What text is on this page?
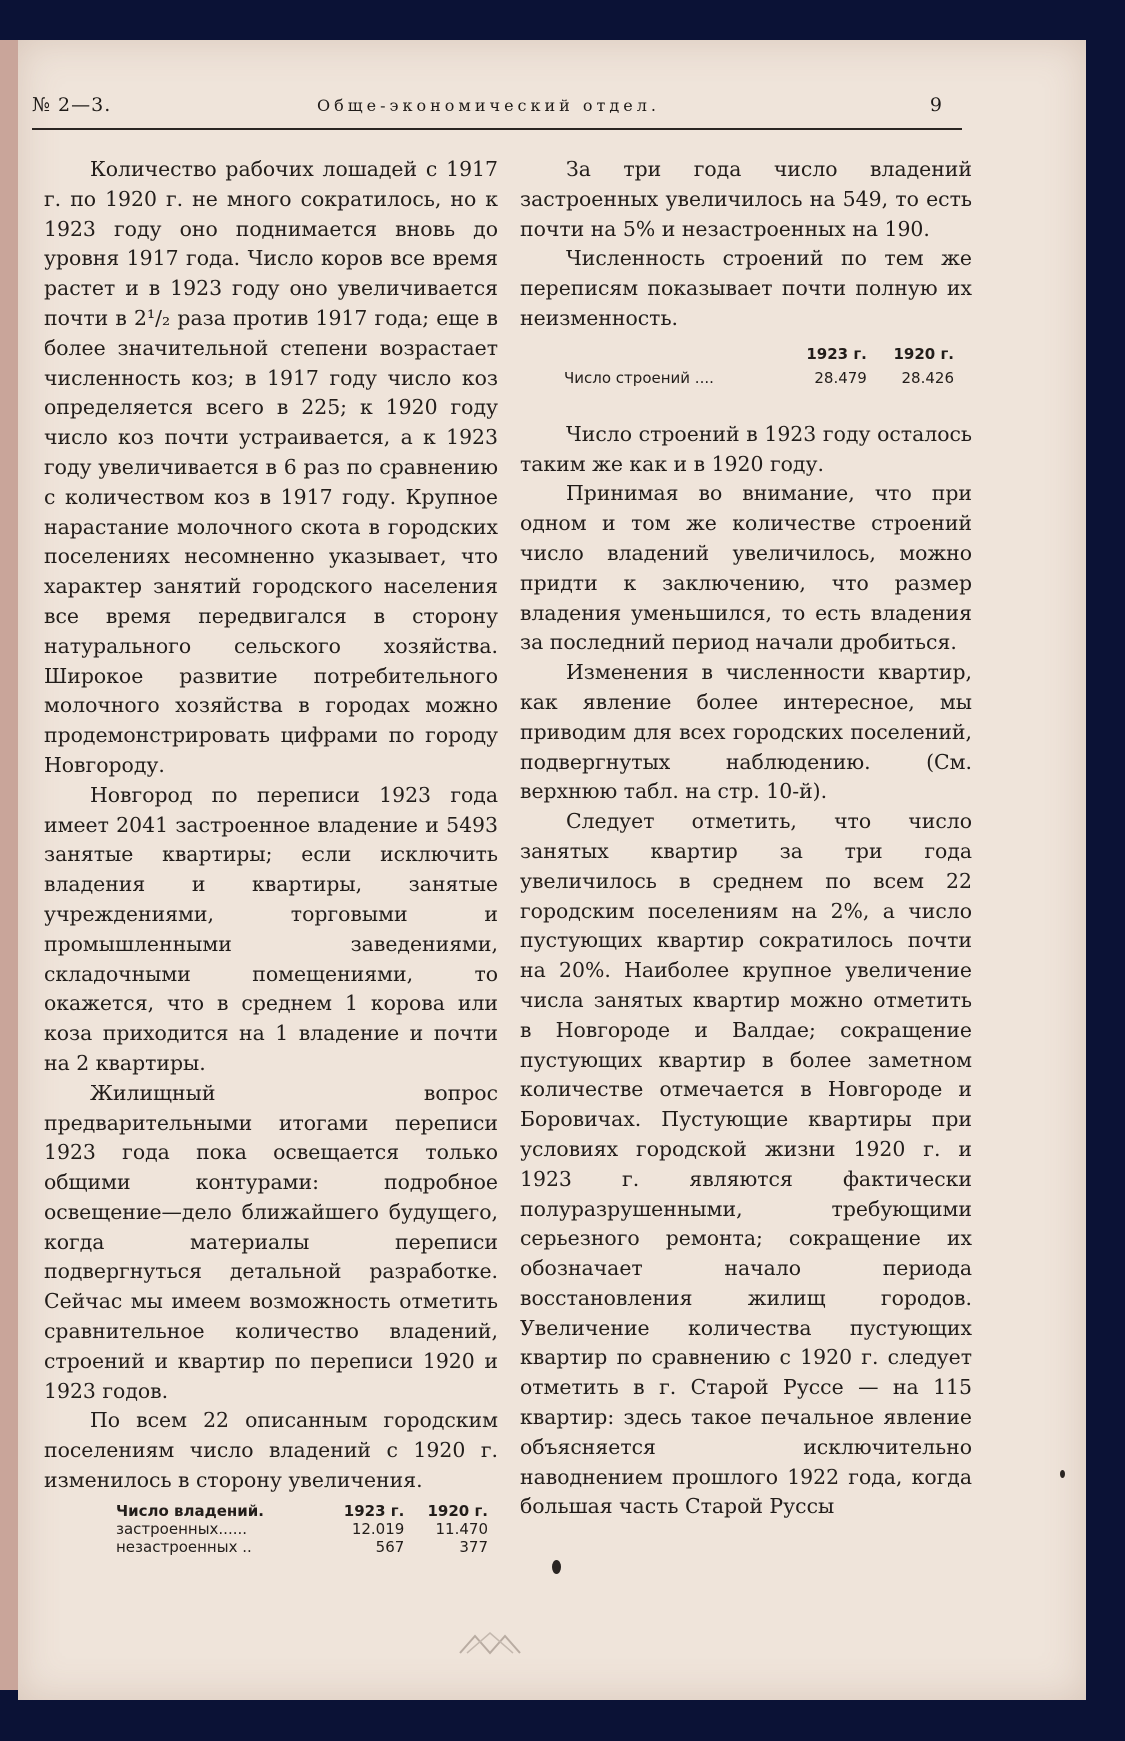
№ 2—3.	Обще-экономический отдел.	9

Количество рабочих лошадей с 1917 г. по 1920 г. не много сократилось, но к 1923 году оно поднимается вновь до уровня 1917 года. Число коров все время растет и в 1923 году оно увеличивается почти в 2¹/₂ раза против 1917 года; еще в более значительной степени возрастает численность коз; в 1917 году число коз определяется всего в 225; к 1920 году число коз почти устраивается, а к 1923 году увеличивается в 6 раз по сравнению с количеством коз в 1917 году. Крупное нарастание молочного скота в городских поселениях несомненно указывает, что характер занятий городского населения все время передвигался в сторону натурального сельского хозяйства. Широкое развитие потребительного молочного хозяйства в городах можно продемонстрировать цифрами по городу Новгороду.

Новгород по переписи 1923 года имеет 2041 застроенное владение и 5493 занятые квартиры; если исключить владения и квартиры, занятые учреждениями, торговыми и промышленными заведениями, складочными помещениями, то окажется, что в среднем 1 корова или коза приходится на 1 владение и почти на 2 квартиры.

Жилищный вопрос предварительными итогами переписи 1923 года пока освещается только общими контурами: подробное освещение—дело ближайшего будущего, когда материалы переписи подвергнуться детальной разработке. Сейчас мы имеем возможность отметить сравнительное количество владений, строений и квартир по переписи 1920 и 1923 годов.

По всем 22 описанным городским поселениям число владений с 1920 г. изменилось в сторону увеличения.

Число владений.	1923 г.	1920 г.
застроенных......	12.019	11.470
незастроенных ..	567	377

За три года число владений застроенных увеличилось на 549, то есть почти на 5% и незастроенных на 190.

Численность строений по тем же переписям показывает почти полную их неизменность.

	1923 г.	1920 г.
Число строений ....	28.479	28.426

Число строений в 1923 году осталось таким же как и в 1920 году.

Принимая во внимание, что при одном и том же количестве строений число владений увеличилось, можно придти к заключению, что размер владения уменьшился, то есть владения за последний период начали дробиться.

Изменения в численности квартир, как явление более интересное, мы приводим для всех городских поселений, подвергнутых наблюдению. (См. верхнюю табл. на стр. 10-й).

Следует отметить, что число занятых квартир за три года увеличилось в среднем по всем 22 городским поселениям на 2%, а число пустующих квартир сократилось почти на 20%. Наиболее крупное увеличение числа занятых квартир можно отметить в Новгороде и Валдае; сокращение пустующих квартир в более заметном количестве отмечается в Новгороде и Боровичах. Пустующие квартиры при условиях городской жизни 1920 г. и 1923 г. являются фактически полуразрушенными, требующими серьезного ремонта; сокращение их обозначает начало периода восстановления жилищ городов. Увеличение количества пустующих квартир по сравнению с 1920 г. следует отметить в г. Старой Руссе — на 115 квартир: здесь такое печальное явление объясняется исключительно наводнением прошлого 1922 года, когда большая часть Старой Руссы
